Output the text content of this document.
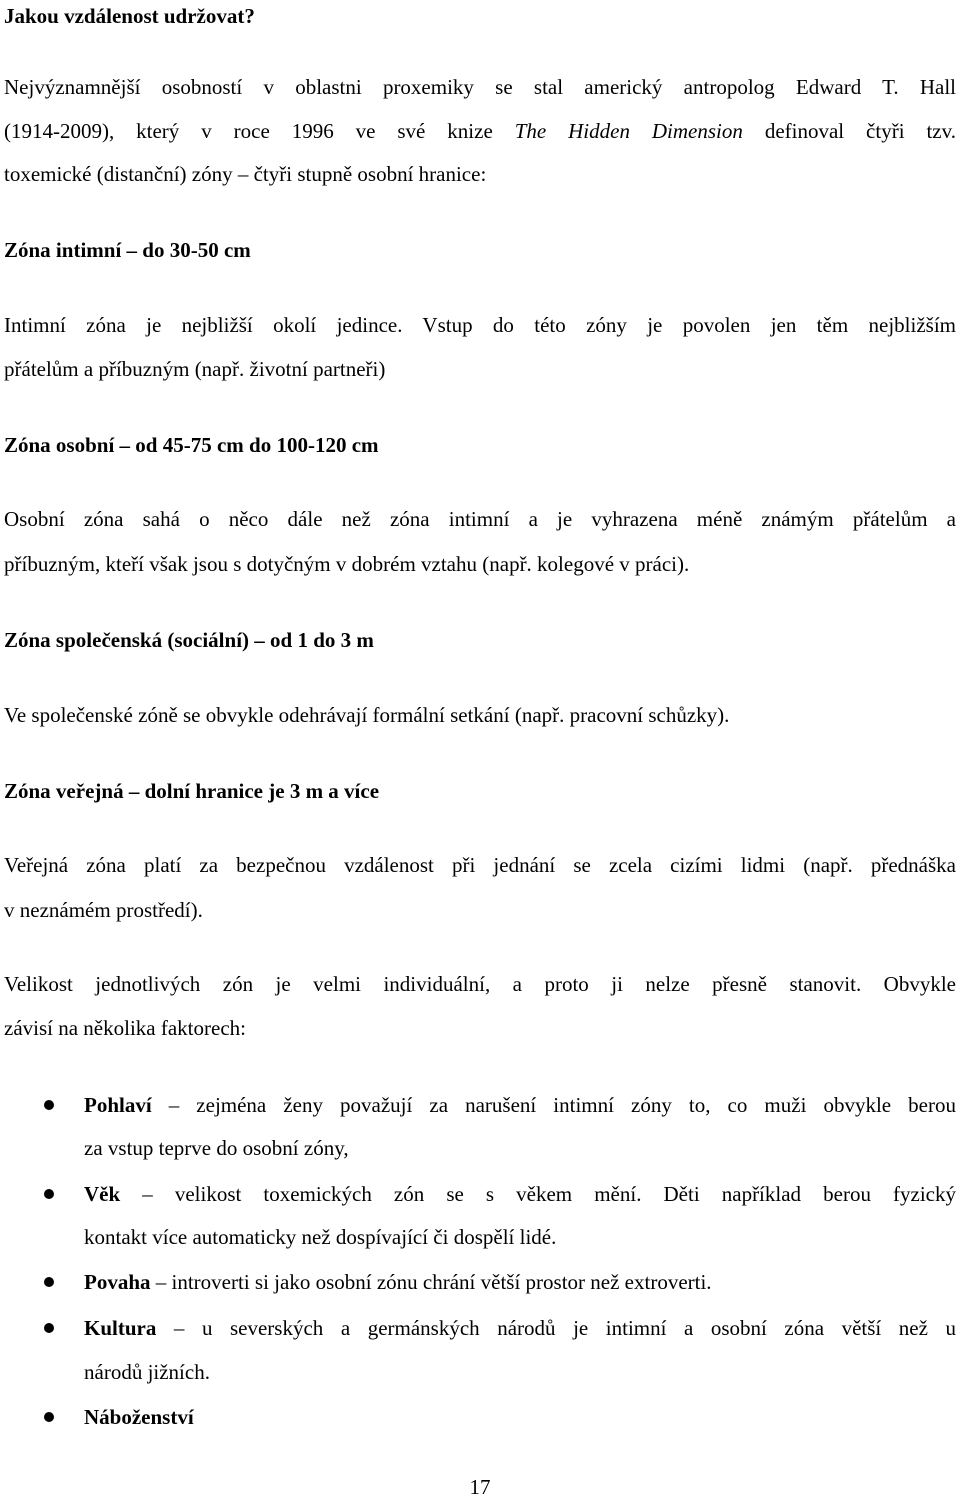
Jakou vzdálenost udržovat?
Nejvýznamnější osobností v oblastni proxemiky se stal americký antropolog Edward T. Hall
(1914-2009), který v roce 1996 ve své knize The Hidden Dimension definoval čtyři tzv.
toxemické (distanční) zóny – čtyři stupně osobní hranice:
Zóna intimní – do 30-50 cm
Intimní zóna je nejbližší okolí jedince. Vstup do této zóny je povolen jen těm nejbližším
přátelům a příbuzným (např. životní partneři)
Zóna osobní – od 45-75 cm do 100-120 cm
Osobní zóna sahá o něco dále než zóna intimní a je vyhrazena méně známým přátelům a
příbuzným, kteří však jsou s dotyčným v dobrém vztahu (např. kolegové v práci).
Zóna společenská (sociální) – od 1 do 3 m
Ve společenské zóně se obvykle odehrávají formální setkání (např. pracovní schůzky).
Zóna veřejná – dolní hranice je 3 m a více
Veřejná zóna platí za bezpečnou vzdálenost při jednání se zcela cizími lidmi (např. přednáška
v neznámém prostředí).
Velikost jednotlivých zón je velmi individuální, a proto ji nelze přesně stanovit. Obvykle
závisí na několika faktorech:
Pohlaví – zejména ženy považují za narušení intimní zóny to, co muži obvykle berou
za vstup teprve do osobní zóny,
Věk – velikost toxemických zón se s věkem mění. Děti například berou fyzický
kontakt více automaticky než dospívající či dospělí lidé.
Povaha – introverti si jako osobní zónu chrání větší prostor než extroverti.
Kultura – u severských a germánských národů je intimní a osobní zóna větší než u
národů jižních.
Náboženství
17
